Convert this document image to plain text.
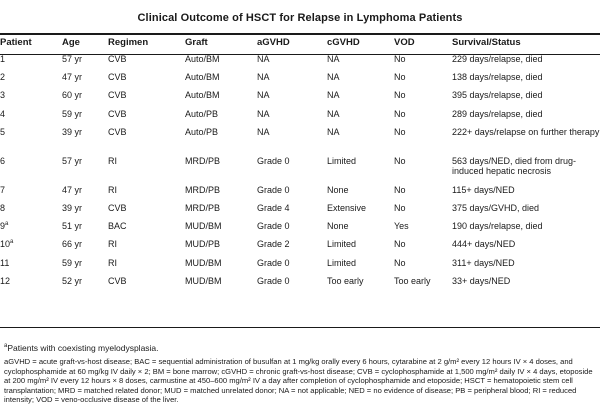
Clinical Outcome of HSCT for Relapse in Lymphoma Patients
Patient	Age	Regimen	Graft	aGVHD	cGVHD	VOD	Survival/Status
1	57 yr	CVB	Auto/BM	NA	NA	No	229 days/relapse, died
2	47 yr	CVB	Auto/BM	NA	NA	No	138 days/relapse, died
3	60 yr	CVB	Auto/BM	NA	NA	No	395 days/relapse, died
4	59 yr	CVB	Auto/PB	NA	NA	No	289 days/relapse, died
5	39 yr	CVB	Auto/PB	NA	NA	No	222+ days/relapse on further therapy
6	57 yr	RI	MRD/PB	Grade 0	Limited	No	563 days/NED, died from drug-induced hepatic necrosis
7	47 yr	RI	MRD/PB	Grade 0	None	No	115+ days/NED
8	39 yr	CVB	MRD/PB	Grade 4	Extensive	No	375 days/GVHD, died
9$^a$	51 yr	BAC	MUD/BM	Grade 0	None	Yes	190 days/relapse, died
10$^a$	66 yr	RI	MUD/PB	Grade 2	Limited	No	444+ days/NED
11	59 yr	RI	MUD/BM	Grade 0	Limited	No	311+ days/NED
12	52 yr	CVB	MUD/BM	Grade 0	Too early	Too early	33+ days/NED
$^a$Patients with coexisting myelodysplasia.
aGVHD = acute graft-vs-host disease; BAC = sequential administration of busulfan at 1 mg/kg orally every 6 hours, cytarabine at 2 g/m² every 12 hours IV × 4 doses, and cyclophosphamide at 60 mg/kg IV daily × 2; BM = bone marrow; cGVHD = chronic graft-vs-host disease; CVB = cyclophosphamide at 1,500 mg/m² daily IV × 4 days, etoposide at 200 mg/m² IV every 12 hours × 8 doses, carmustine at 450–600 mg/m² IV a day after completion of cyclophosphamide and etoposide; HSCT = hematopoietic stem cell transplantation; MRD = matched related donor; MUD = matched unrelated donor; NA = not applicable; NED = no evidence of disease; PB = peripheral blood; RI = reduced intensity; VOD = veno-occlusive disease of the liver.
